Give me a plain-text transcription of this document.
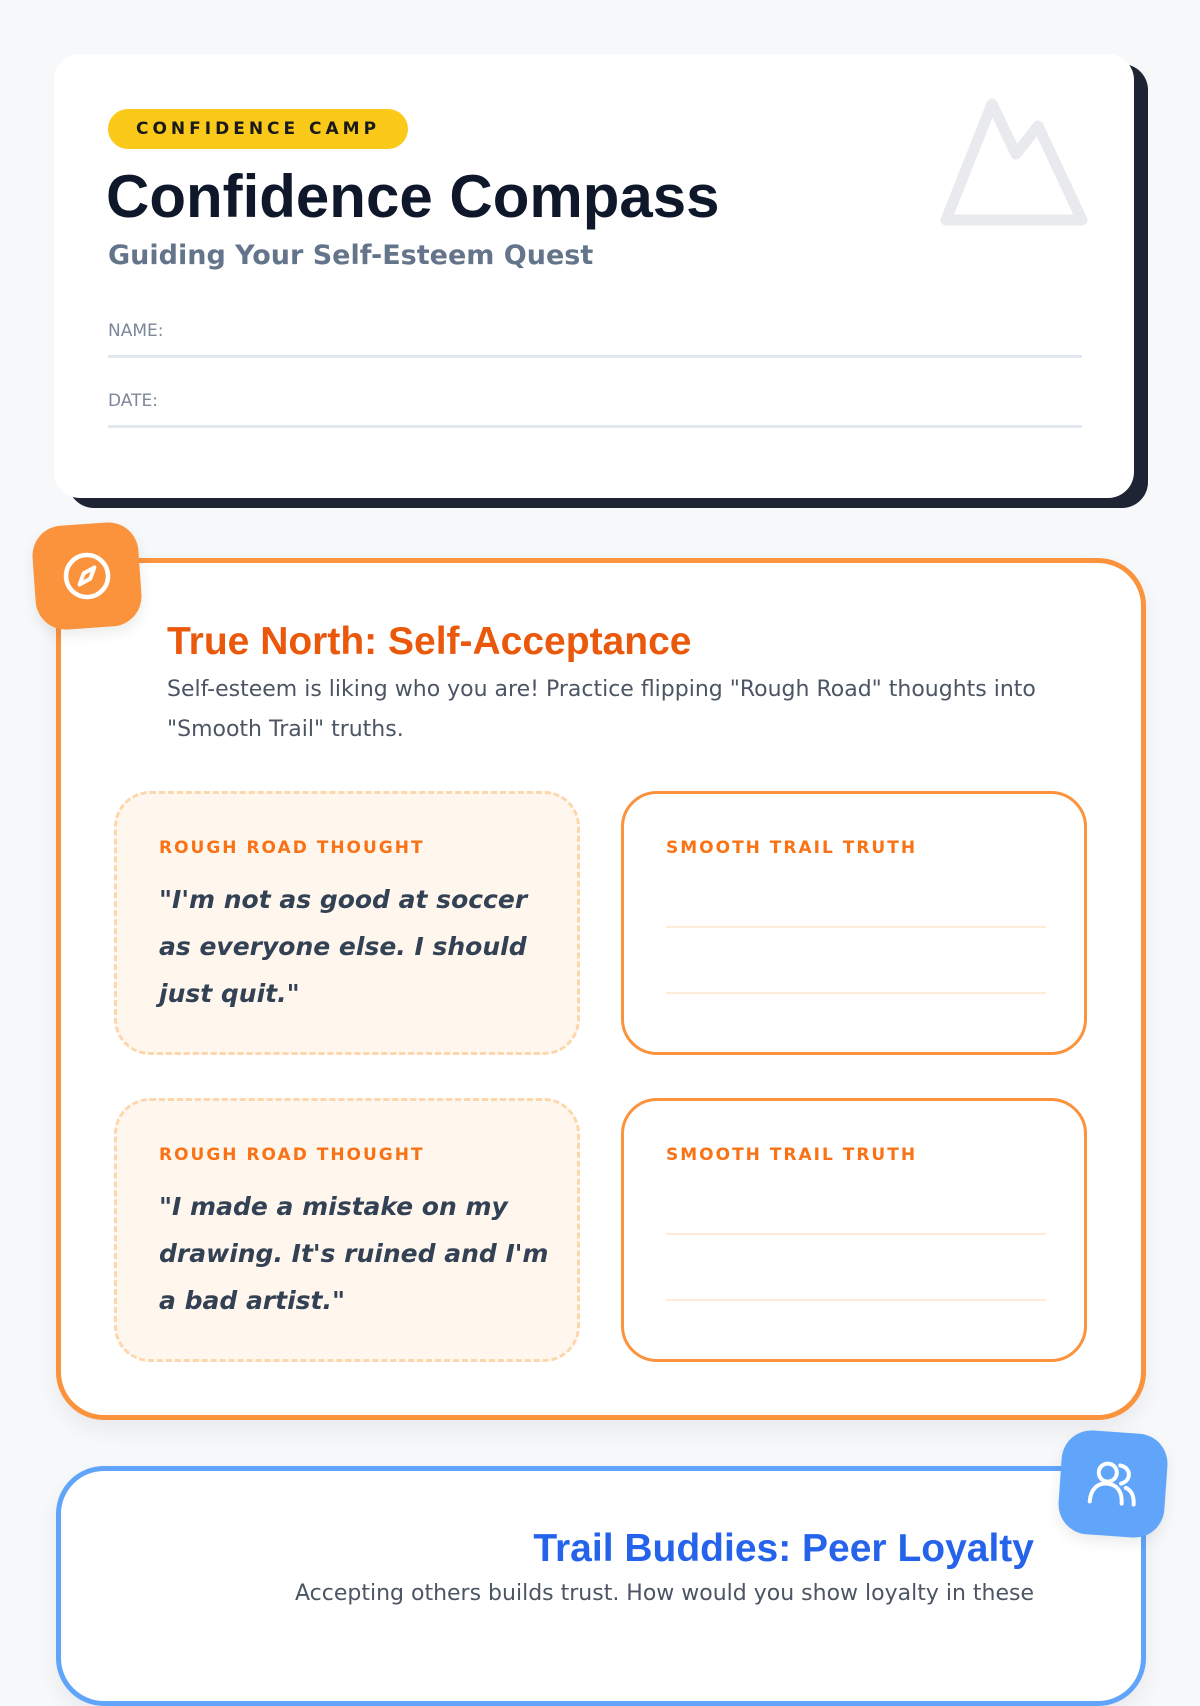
CONFIDENCE CAMP
Confidence Compass
Guiding Your Self-Esteem Quest
NAME:
DATE:
True North: Self-Acceptance

Self-esteem is liking who you are! Practice flipping "Rough Road" thoughts into "Smooth Trail" truths.

ROUGH ROAD THOUGHT
"I'm not as good at soccer as everyone else. I should just quit."
SMOOTH TRAIL TRUTH
ROUGH ROAD THOUGHT
"I made a mistake on my drawing. It's ruined and I'm a bad artist."
SMOOTH TRAIL TRUTH
Trail Buddies: Peer Loyalty

Accepting others builds trust. How would you show loyalty in these
